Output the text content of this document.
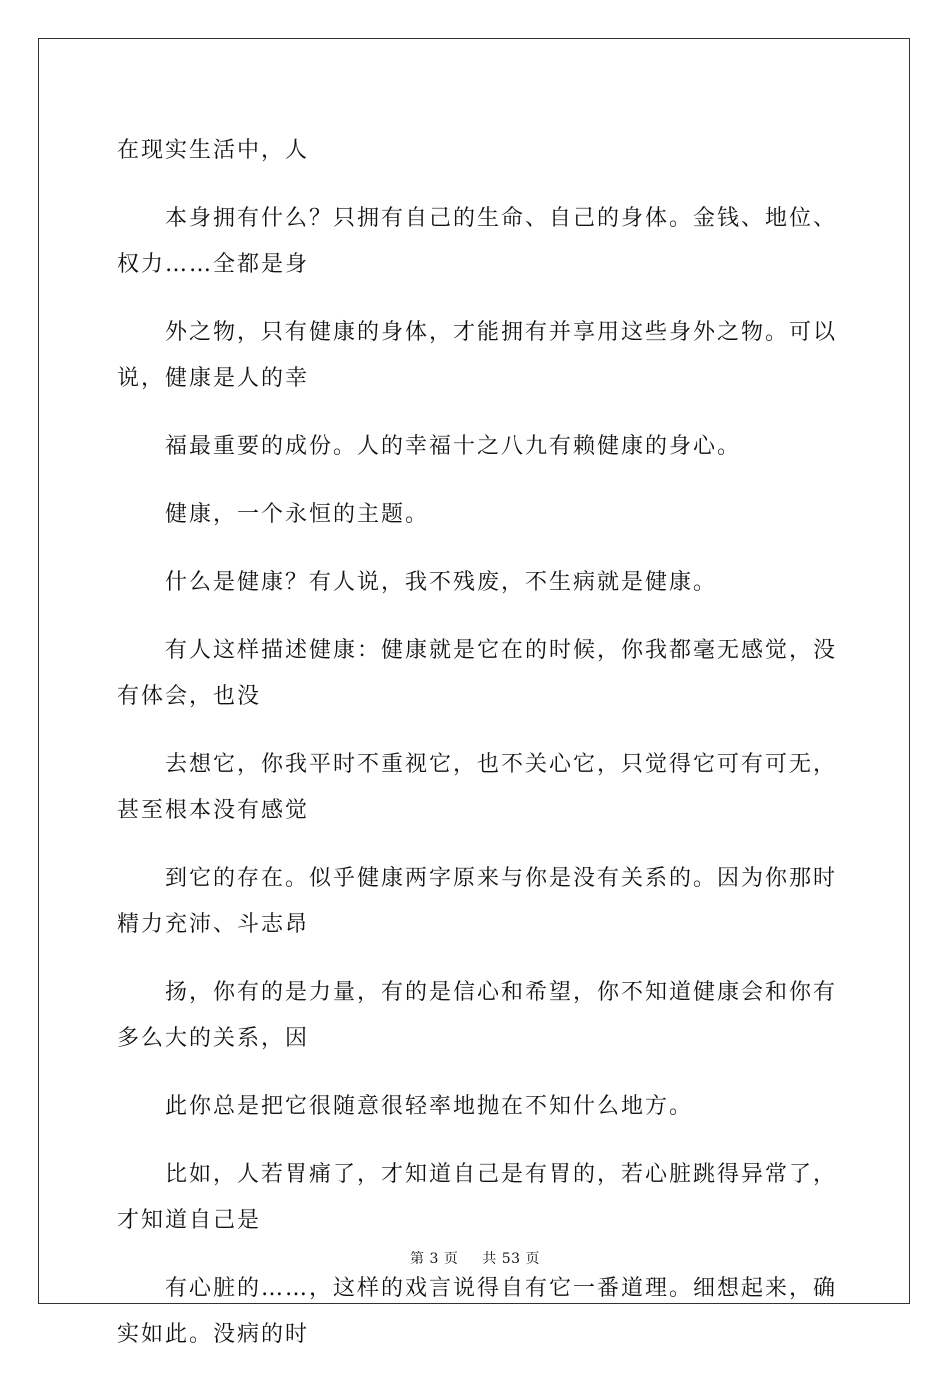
在现实生活中，人

本身拥有什么？只拥有自己的生命、自己的身体。金钱、地位、权力……全都是身

外之物，只有健康的身体，才能拥有并享用这些身外之物。可以说，健康是人的幸

福最重要的成份。人的幸福十之八九有赖健康的身心。

健康，一个永恒的主题。

什么是健康？有人说，我不残废，不生病就是健康。

有人这样描述健康：健康就是它在的时候，你我都毫无感觉，没有体会，也没

去想它，你我平时不重视它，也不关心它，只觉得它可有可无，甚至根本没有感觉

到它的存在。似乎健康两字原来与你是没有关系的。因为你那时精力充沛、斗志昂

扬，你有的是力量，有的是信心和希望，你不知道健康会和你有多么大的关系，因

此你总是把它很随意很轻率地抛在不知什么地方。

比如，人若胃痛了，才知道自己是有胃的，若心脏跳得异常了，才知道自己是

有心脏的……，这样的戏言说得自有它一番道理。细想起来，确实如此。没病的时

第 3 页 共 53 页
